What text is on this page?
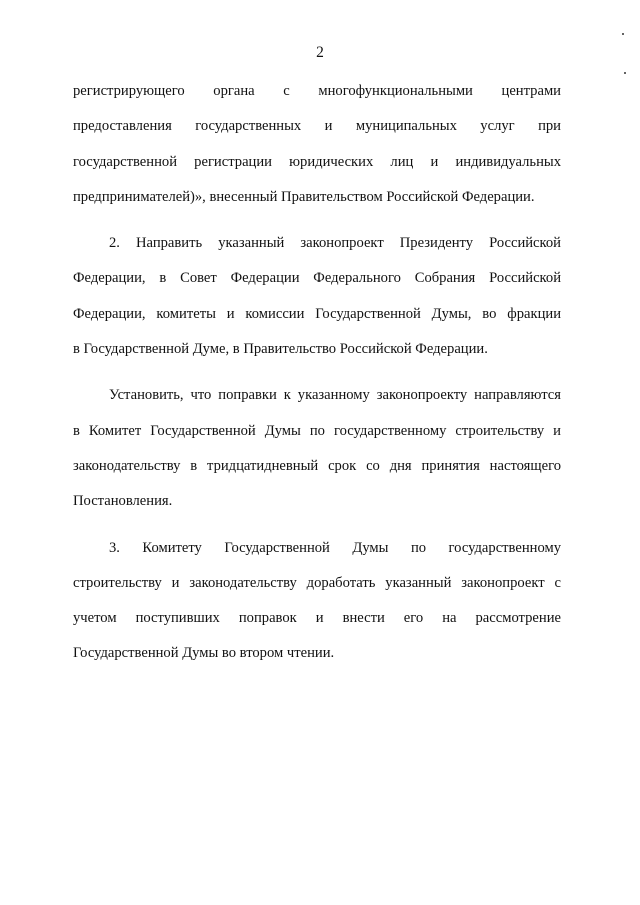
2

регистрирующего органа с многофункциональными центрами
предоставления государственных и муниципальных услуг при
государственной регистрации юридических лиц и индивидуальных
предпринимателей)», внесенный Правительством Российской Федерации.

2. Направить указанный законопроект Президенту Российской
Федерации, в Совет Федерации Федерального Собрания Российской
Федерации, комитеты и комиссии Государственной Думы, во фракции
в Государственной Думе, в Правительство Российской Федерации.

Установить, что поправки к указанному законопроекту направляются
в Комитет Государственной Думы по государственному строительству и
законодательству в тридцатидневный срок со дня принятия настоящего
Постановления.

3. Комитету Государственной Думы по государственному
строительству и законодательству доработать указанный законопроект с
учетом поступивших поправок и внести его на рассмотрение
Государственной Думы во втором чтении.
